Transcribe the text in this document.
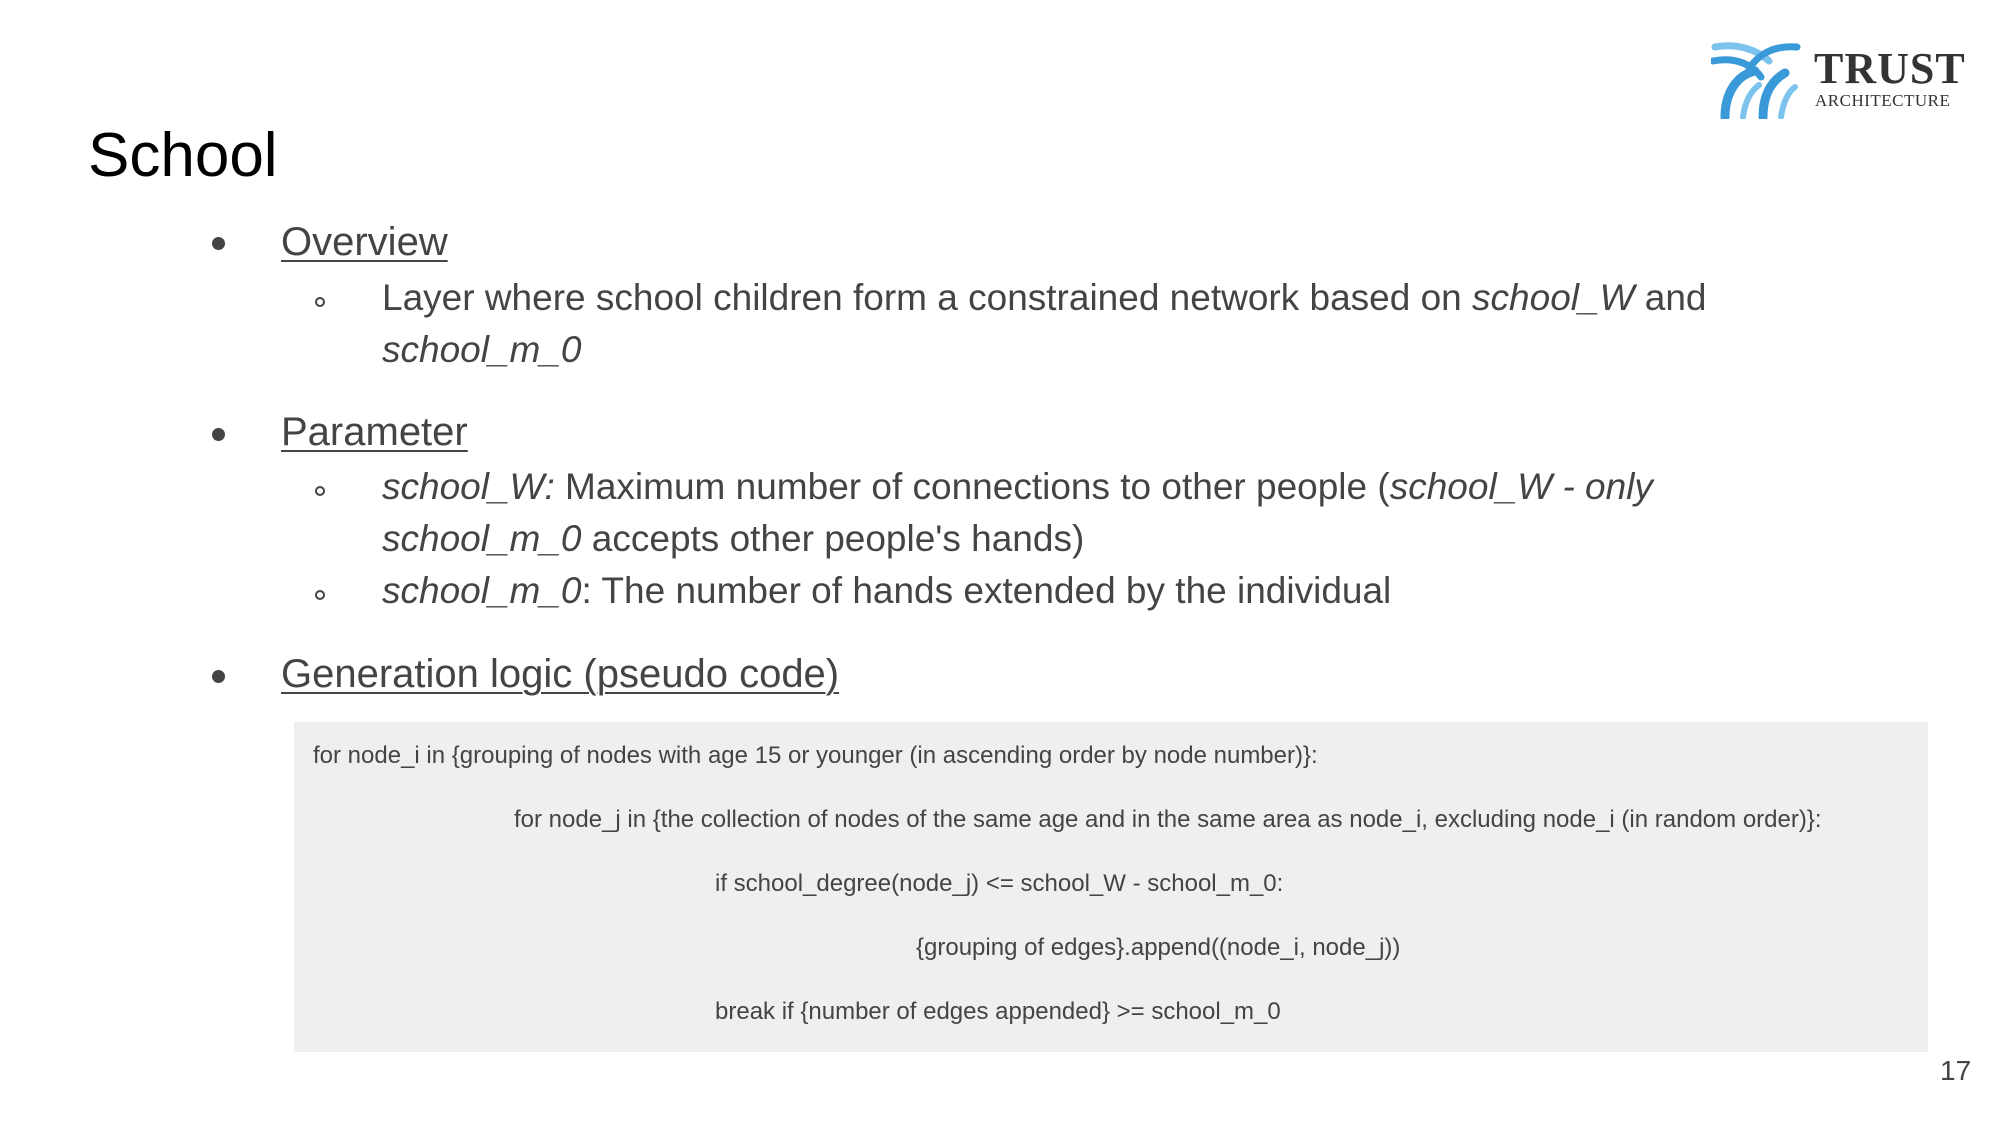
TRUST
ARCHITECTURE
School
Overview
Layer where school children form a constrained network based on school_W and
school_m_0
Parameter
school_W: Maximum number of connections to other people (school_W - only
school_m_0 accepts other people's hands)
school_m_0: The number of hands extended by the individual
Generation logic (pseudo code)
for node_i in {grouping of nodes with age 15 or younger (in ascending order by node number)}:
for node_j in {the collection of nodes of the same age and in the same area as node_i, excluding node_i (in random order)}:
if school_degree(node_j) <= school_W - school_m_0:
{grouping of edges}.append((node_i, node_j))
break if {number of edges appended} >= school_m_0
17
